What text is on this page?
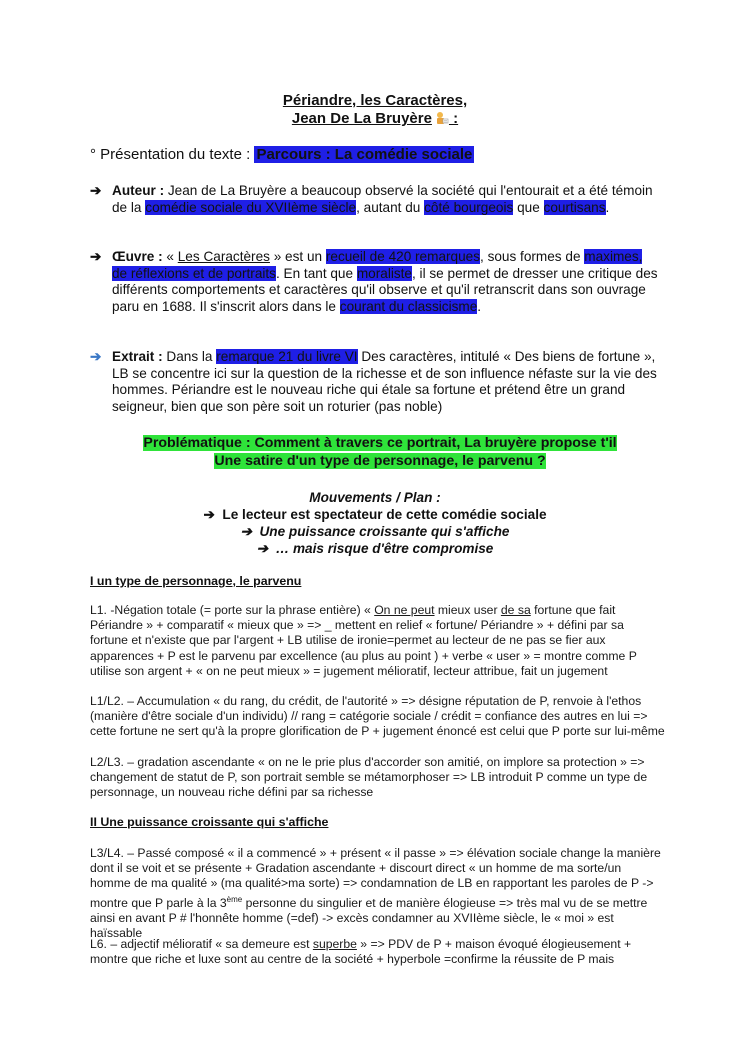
Périandre, les Caractères,
Jean De La Bruyère :
° Présentation du texte : Parcours : La comédie sociale
➔ Auteur : Jean de La Bruyère a beaucoup observé la société qui l'entourait et a été témoin de la comédie sociale du XVIIème siècle, autant du côté bourgeois que courtisans.
➔ Œuvre : « Les Caractères » est un recueil de 420 remarques, sous formes de maximes, de réflexions et de portraits. En tant que moraliste, il se permet de dresser une critique des différents comportements et caractères qu'il observe et qu'il retranscrit dans son ouvrage paru en 1688. Il s'inscrit alors dans le courant du classicisme.
➔ Extrait : Dans la remarque 21 du livre VI Des caractères, intitulé « Des biens de fortune », LB se concentre ici sur la question de la richesse et de son influence néfaste sur la vie des hommes. Périandre est le nouveau riche qui étale sa fortune et prétend être un grand seigneur, bien que son père soit un roturier (pas noble)
Problématique : Comment à travers ce portrait, La bruyère propose t'il
Une satire d'un type de personnage, le parvenu ?
Mouvements / Plan :
➔ Le lecteur est spectateur de cette comédie sociale
➔ Une puissance croissante qui s'affiche
➔ … mais risque d'être compromise
I un type de personnage, le parvenu
L1. -Négation totale (= porte sur la phrase entière) « On ne peut mieux user de sa fortune que fait Périandre » + comparatif « mieux que » => _ mettent en relief « fortune/ Périandre » + défini par sa fortune et n'existe que par l'argent + LB utilise de ironie=permet au lecteur de ne pas se fier aux apparences + P est le parvenu par excellence (au plus au point ) + verbe « user » = montre comme P utilise son argent + « on ne peut mieux » = jugement mélioratif, lecteur attribue, fait un jugement
L1/L2. – Accumulation « du rang, du crédit, de l'autorité » => désigne réputation de P, renvoie à l'ethos (manière d'être sociale d'un individu) // rang = catégorie sociale / crédit = confiance des autres en lui => cette fortune ne sert qu'à la propre glorification de P + jugement énoncé est celui que P porte sur lui-même
L2/L3. – gradation ascendante « on ne le prie plus d'accorder son amitié, on implore sa protection » => changement de statut de P, son portrait semble se métamorphoser => LB introduit P comme un type de personnage, un nouveau riche défini par sa richesse
II Une puissance croissante qui s'affiche
L3/L4. – Passé composé « il a commencé » + présent « il passe » => élévation sociale change la manière dont il se voit et se présente + Gradation ascendante + discourt direct « un homme de ma sorte/un homme de ma qualité » (ma qualité>ma sorte) => condamnation de LB en rapportant les paroles de P -> montre que P parle à la 3ème personne du singulier et de manière élogieuse => très mal vu de se mettre ainsi en avant P # l'honnête homme (=def) -> excès condamner au XVIIème siècle, le « moi » est haïssable
L6. – adjectif mélioratif « sa demeure est superbe » => PDV de P + maison évoqué élogieusement + montre que riche et luxe sont au centre de la société + hyperbole =confirme la réussite de P mais
